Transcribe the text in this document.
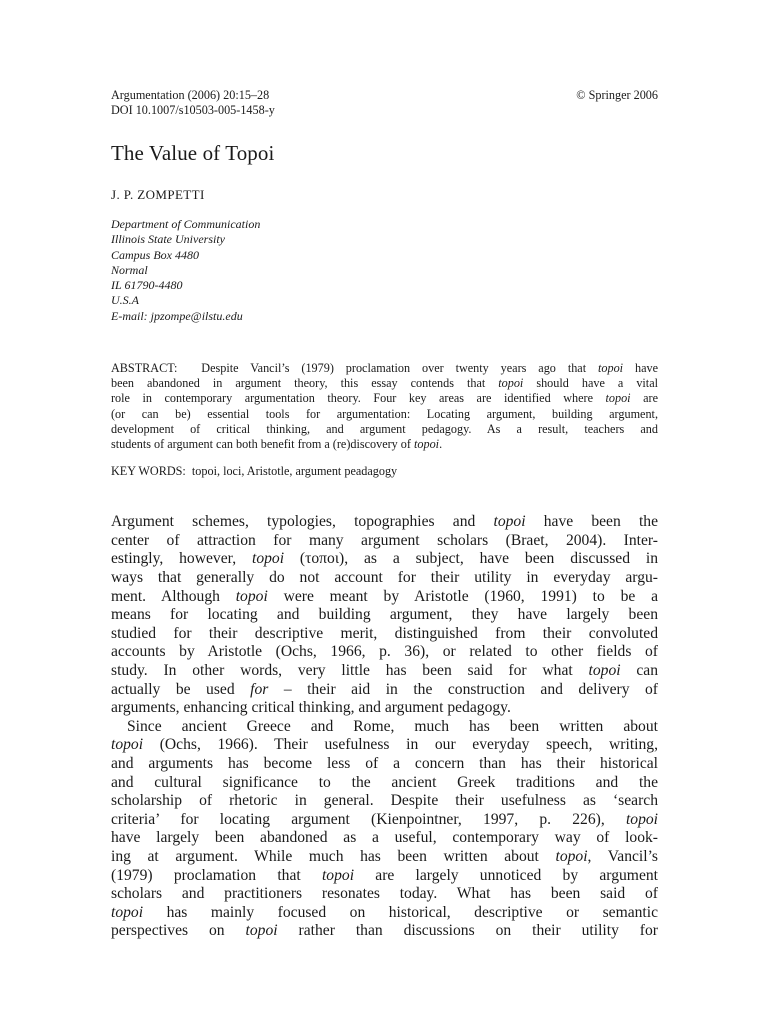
Argumentation (2006) 20:15–28
DOI 10.1007/s10503-005-1458-y
© Springer 2006
The Value of Topoi
J. P. ZOMPETTI
Department of Communication
Illinois State University
Campus Box 4480
Normal
IL 61790-4480
U.S.A
E-mail: jpzompe@ilstu.edu
ABSTRACT: Despite Vancil’s (1979) proclamation over twenty years ago that topoi have
been abandoned in argument theory, this essay contends that topoi should have a vital
role in contemporary argumentation theory. Four key areas are identified where topoi are
(or can be) essential tools for argumentation: Locating argument, building argument,
development of critical thinking, and argument pedagogy. As a result, teachers and
students of argument can both benefit from a (re)discovery of topoi.
KEY WORDS: topoi, loci, Aristotle, argument peadagogy

Argument schemes, typologies, topographies and topoi have been the
center of attraction for many argument scholars (Braet, 2004). Inter-
estingly, however, topoi (τοποι), as a subject, have been discussed in
ways that generally do not account for their utility in everyday argu-
ment. Although topoi were meant by Aristotle (1960, 1991) to be a
means for locating and building argument, they have largely been
studied for their descriptive merit, distinguished from their convoluted
accounts by Aristotle (Ochs, 1966, p. 36), or related to other fields of
study. In other words, very little has been said for what topoi can
actually be used for – their aid in the construction and delivery of
arguments, enhancing critical thinking, and argument pedagogy.

Since ancient Greece and Rome, much has been written about
topoi (Ochs, 1966). Their usefulness in our everyday speech, writing,
and arguments has become less of a concern than has their historical
and cultural significance to the ancient Greek traditions and the
scholarship of rhetoric in general. Despite their usefulness as ‘search
criteria’ for locating argument (Kienpointner, 1997, p. 226), topoi
have largely been abandoned as a useful, contemporary way of look-
ing at argument. While much has been written about topoi, Vancil’s
(1979) proclamation that topoi are largely unnoticed by argument
scholars and practitioners resonates today. What has been said of
topoi has mainly focused on historical, descriptive or semantic
perspectives on topoi rather than discussions on their utility for
